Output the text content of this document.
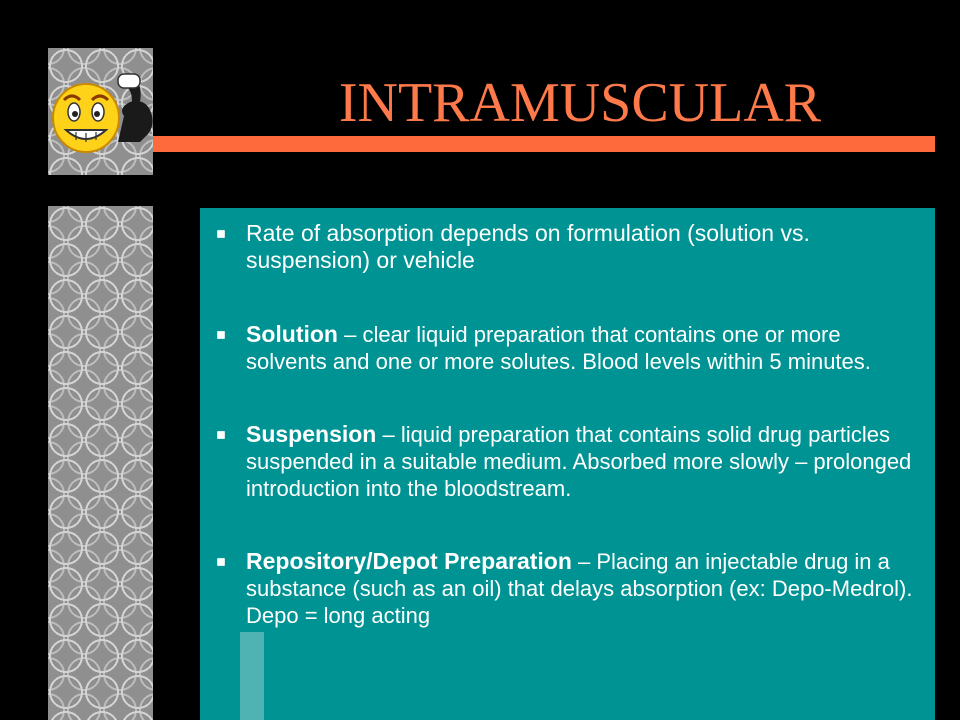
INTRAMUSCULAR
Rate of absorption depends on formulation (solution vs. suspension) or vehicle
Solution – clear liquid preparation that contains one or more solvents and one or more solutes. Blood levels within 5 minutes.
Suspension – liquid preparation that contains solid drug particles suspended in a suitable medium. Absorbed more slowly – prolonged introduction into the bloodstream.
Repository/Depot Preparation – Placing an injectable drug in a substance (such as an oil) that delays absorption (ex: Depo-Medrol). Depo = long acting
